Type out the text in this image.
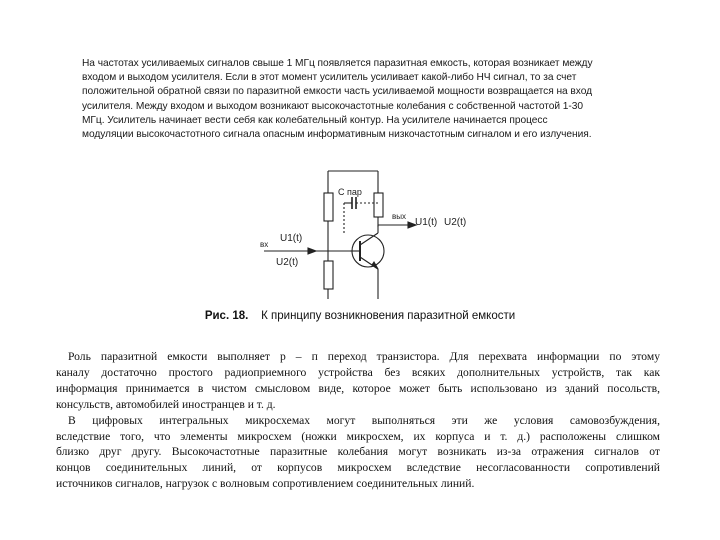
На частотах усиливаемых сигналов свыше 1 МГц появляется паразитная емкость, которая возникает между
входом и выходом усилителя. Если в этот момент усилитель усиливает какой-либо НЧ сигнал, то за счет
положительной обратной связи по паразитной емкости часть усиливаемой мощности возвращается на вход
усилителя. Между входом и выходом возникают высокочастотные колебания с собственной частотой 1-30
МГц. Усилитель начинает вести себя как колебательный контур. На усилителе начинается процесс
модуляции высокочастотного сигнала опасным информативным низкочастотным сигналом и его излучения.
С пар
вых
U1(t) U2(t)
вх
U1(t)
U2(t)
Рис. 18. К принципу возникновения паразитной емкости

Роль паразитной емкости выполняет р – п переход транзистора. Для перехвата информации по этому
каналу достаточно простого радиоприемного устройства без всяких дополнительных устройств, так как
информация принимается в чистом смысловом виде, которое может быть использовано из зданий посольств,
консульств, автомобилей иностранцев и т. д.

В цифровых интегральных микросхемах могут выполняться эти же условия самовозбуждения,
вследствие того, что элементы микросхем (ножки микросхем, их корпуса и т. д.) расположены слишком
близко друг другу. Высокочастотные паразитные колебания могут возникать из-за отражения сигналов от
концов соединительных линий, от корпусов микросхем вследствие несогласованности сопротивлений
источников сигналов, нагрузок с волновым сопротивлением соединительных линий.
